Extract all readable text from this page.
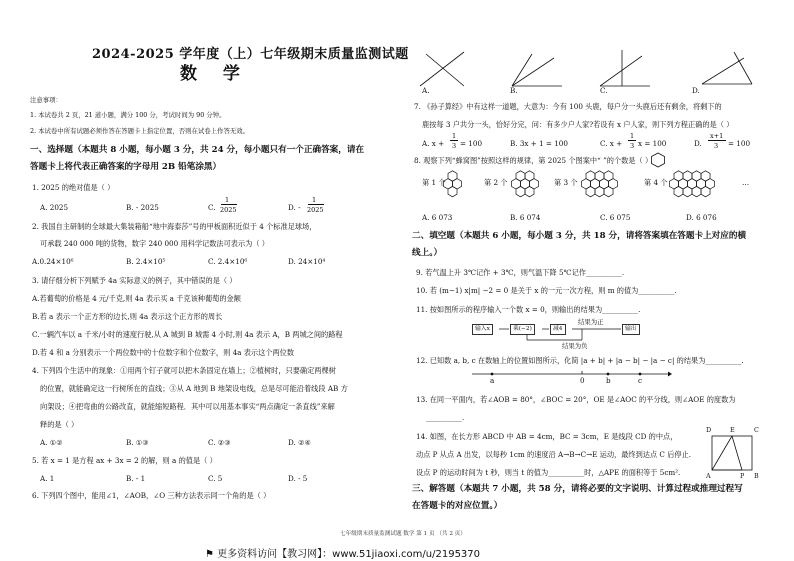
2024-2025 学年度（上）七年级期末质量监测试题
数 学
注意事项：
1. 本试卷共 2 页，21 道小题，满分 100 分，考试时间为 90 分钟。
2. 本试卷中所有试题必须作答在答题卡上指定位置，否则在试卷上作答无效。
一、选择题（本题共 8 小题，每小题 3 分，共 24 分，每小题只有一个正确答案，请在
答题卡上将代表正确答案的字母用 2B 铅笔涂黑）
1. 2025 的绝对值是（ ）
A. 2025	B. - 2025	C.
1
2025	D. -
1
2025
2. 我国自主研制的全球最大集装箱船“地中海泰莎”号的甲板面积近似于 4 个标准足球场，
可承载 240 000 吨的货物，数字 240 000 用科学记数法可表示为（ ）
A.0.24×10⁶	B. 2.4×10⁵	C. 2.4×10⁶	D. 24×10⁴
3. 请仔细分析下列赋予 4a 实际意义的例子，其中错误的是（ ）
A.若葡萄的价格是 4 元/千克,则 4a 表示买 a 千克该种葡萄的金额
B.若 a 表示一个正方形的边长,则 4a 表示这个正方形的周长
C.一辆汽车以 a 千米/小时的速度行驶,从 A 城到 B 城需 4 小时,则 4a 表示 A，B 两城之间的路程
D.若 4 和 a 分别表示一个两位数中的十位数字和个位数字，则 4a 表示这个两位数
4. 下列四个生活中的现象：①用两个钉子就可以把木条固定在墙上；②植树时，只要确定两棵树
的位置，就能确定这一行树所在的直线；③从 A 地到 B 地架设电线，总是尽可能沿着线段 AB 方
向架设；④把弯曲的公路改直，就能缩短路程．其中可以用基本事实“两点确定一条直线”来解
释的是（ ）
A. ①②	B. ①③	C. ②③	D. ②④
5. 若 x = 1 是方程 ax + 3x = 2 的解，则 a 的值是（ ）
A. 1	B. - 1	C. 5	D. - 5
6. 下列四个图中，能用∠1，∠AOB，∠O 三种方法表示同一个角的是（ ）
A.	B.	C.	D.
7. 《孙子算经》中有这样一道题，大意为：今有 100 头鹿，每户分一头鹿后还有剩余，将剩下的
鹿按每 3 户共分一头，恰好分完，问：有多少户人家?若设有 x 户人家，则下列方程正确的是（ ）
A. x +
1
3 = 100	B. 3x + 1 = 100	C. x +
1
3 x = 100	D.
x+1
3 = 100
8. 观察下列“蜂窝图”按照这样的规律，第 2025 个图案中“ ”的个数是（ ）
第 1 个	第 2 个	第 3 个	第 4 个	…
A. 6 073	B. 6 074	C. 6 075	D. 6 076
二、填空题（本题共 6 小题，每小题 3 分，共 18 分，请将答案填在答题卡上对应的横
线上。）
9. 若气温上升 3℃记作 + 3℃，则气温下降 5℃记作__________.
10. 若 (m−1) x|m| −2 = 0 是关于 x 的一元一次方程，则 m 的值为__________.
11. 按如图所示的程序输入一个数 x = 0，则输出的结果为__________.
输入x	乘(−2)	减4
结果为正
输出
结果为负
12. 已知数 a, b, c 在数轴上的位置如图所示，化简 |a + b| + |a − b| − |a − c| 的结果为__________.
a	0	b	c
13. 在同一平面内，若∠AOB = 80°，∠BOC = 20°，OE 是∠AOC 的平分线，则∠AOE 的度数为
__________.
14. 如图，在长方形 ABCD 中 AB = 4cm，BC = 3cm，E 是线段 CD 的中点，
动点 P 从点 A 出发，以每秒 1cm 的速度沿 A→B→C→E 运动，最终到达点 C 后停止.
设点 P 的运动时间为 t 秒，则当 t 的值为__________时，△APE 的面积等于 5cm².
D	E	C
A	P B
三、解答题（本题共 7 小题，共 58 分，请将必要的文字说明、计算过程或推理过程写
在答题卡的对应位置。）
七年级期末质量监测试题 数学 第 1 页 （共 2 页）
⚑ 更多资料访问【教习网】：www.51jiaoxi.com/u/2195370
